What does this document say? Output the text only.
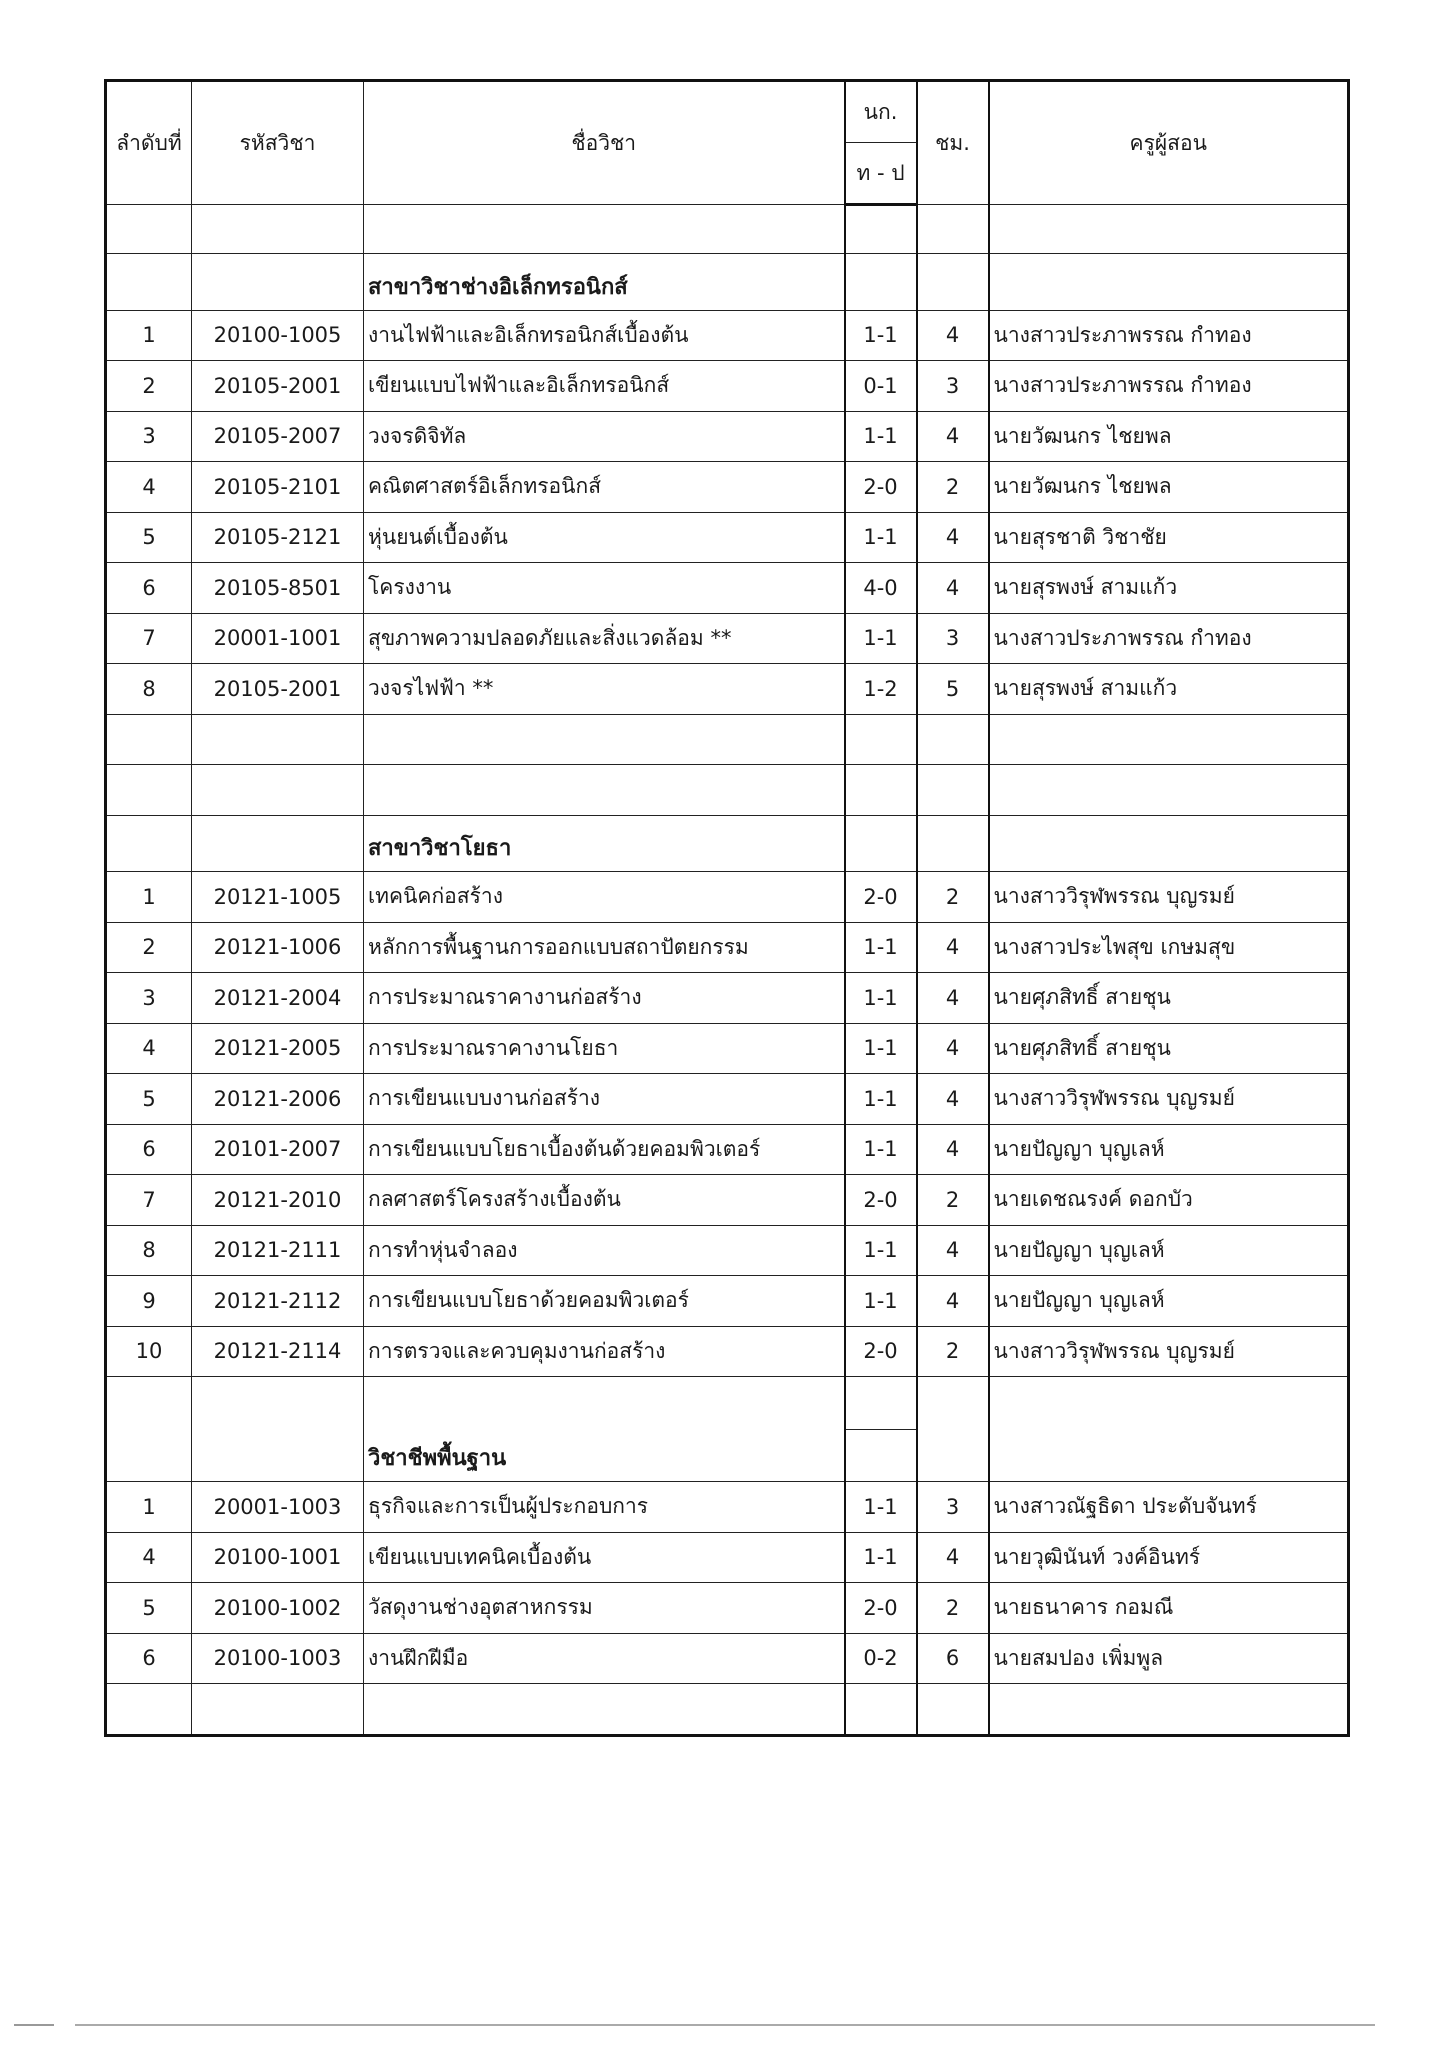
ลำดับที่	รหัสวิชา	ชื่อวิชา	นก.	ชม.	ครูผู้สอน
			ท - ป		

		สาขาวิชาช่างอิเล็กทรอนิกส์			
1	20100-1005	งานไฟฟ้าและอิเล็กทรอนิกส์เบื้องต้น	1-1	4	นางสาวประภาพรรณ กำทอง
2	20105-2001	เขียนแบบไฟฟ้าและอิเล็กทรอนิกส์	0-1	3	นางสาวประภาพรรณ กำทอง
3	20105-2007	วงจรดิจิทัล	1-1	4	นายวัฒนกร ไชยพล
4	20105-2101	คณิตศาสตร์อิเล็กทรอนิกส์	2-0	2	นายวัฒนกร ไชยพล
5	20105-2121	หุ่นยนต์เบื้องต้น	1-1	4	นายสุรชาติ วิชาชัย
6	20105-8501	โครงงาน	4-0	4	นายสุรพงษ์ สามแก้ว
7	20001-1001	สุขภาพความปลอดภัยและสิ่งแวดล้อม **	1-1	3	นางสาวประภาพรรณ กำทอง
8	20105-2001	วงจรไฟฟ้า **	1-2	5	นายสุรพงษ์ สามแก้ว

		สาขาวิชาโยธา			
1	20121-1005	เทคนิคก่อสร้าง	2-0	2	นางสาววิรุฬพรรณ บุญรมย์
2	20121-1006	หลักการพื้นฐานการออกแบบสถาปัตยกรรม	1-1	4	นางสาวประไพสุข เกษมสุข
3	20121-2004	การประมาณราคางานก่อสร้าง	1-1	4	นายศุภสิทธิ์ สายชุน
4	20121-2005	การประมาณราคางานโยธา	1-1	4	นายศุภสิทธิ์ สายชุน
5	20121-2006	การเขียนแบบงานก่อสร้าง	1-1	4	นางสาววิรุฬพรรณ บุญรมย์
6	20101-2007	การเขียนแบบโยธาเบื้องต้นด้วยคอมพิวเตอร์	1-1	4	นายปัญญา บุญเลห์
7	20121-2010	กลศาสตร์โครงสร้างเบื้องต้น	2-0	2	นายเดชณรงค์ ดอกบัว
8	20121-2111	การทำหุ่นจำลอง	1-1	4	นายปัญญา บุญเลห์
9	20121-2112	การเขียนแบบโยธาด้วยคอมพิวเตอร์	1-1	4	นายปัญญา บุญเลห์
10	20121-2114	การตรวจและควบคุมงานก่อสร้าง	2-0	2	นางสาววิรุฬพรรณ บุญรมย์
		วิชาชีพพื้นฐาน	

1	20001-1003	ธุรกิจและการเป็นผู้ประกอบการ	1-1	3	นางสาวณัฐธิดา ประดับจันทร์
4	20100-1001	เขียนแบบเทคนิคเบื้องต้น	1-1	4	นายวุฒินันท์ วงค์อินทร์
5	20100-1002	วัสดุงานช่างอุตสาหกรรม	2-0	2	นายธนาคาร กอมณี
6	20100-1003	งานฝึกฝีมือ	0-2	6	นายสมปอง เพิ่มพูล
